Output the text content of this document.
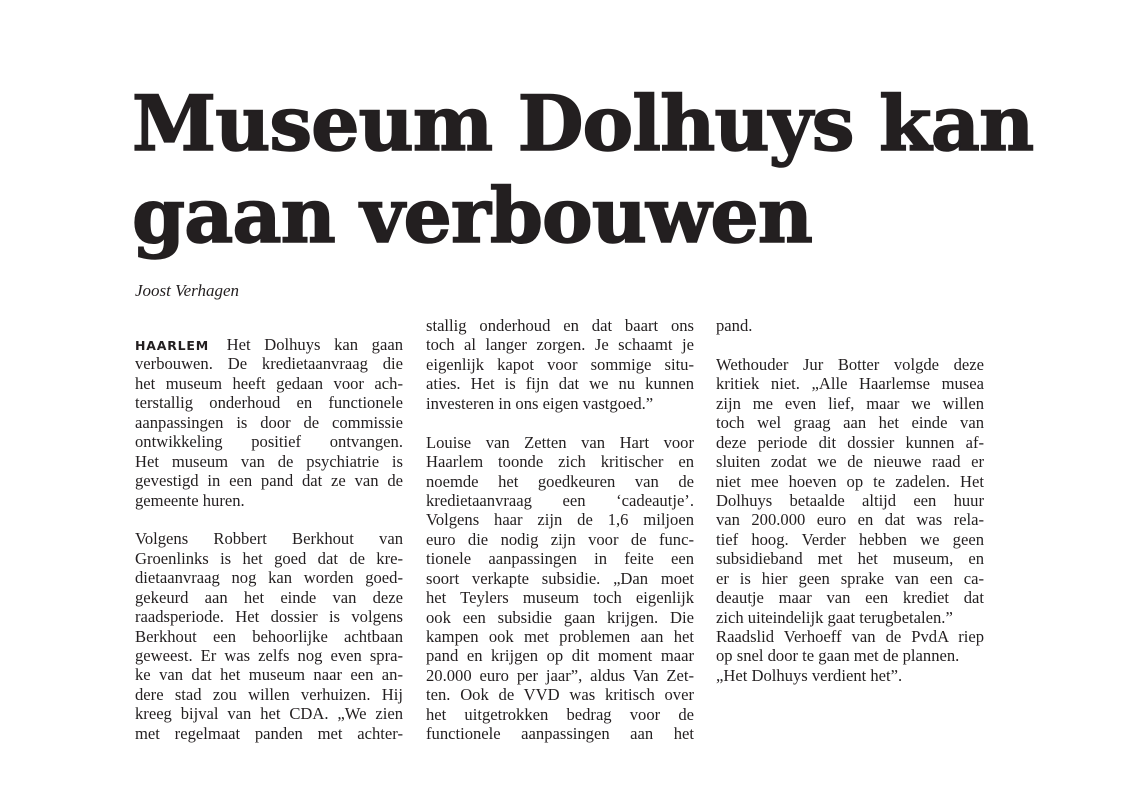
Museum Dolhuys kan
gaan verbouwen
Joost Verhagen

HAARLEM Het Dolhuys kan gaan
verbouwen. De kredietaanvraag die
het museum heeft gedaan voor ach-
terstallig onderhoud en functionele
aanpassingen is door de commissie
ontwikkeling positief ontvangen.
Het museum van de psychiatrie is
gevestigd in een pand dat ze van de
gemeente huren.

Volgens Robbert Berkhout van
Groenlinks is het goed dat de kre-
dietaanvraag nog kan worden goed-
gekeurd aan het einde van deze
raadsperiode. Het dossier is volgens
Berkhout een behoorlijke achtbaan
geweest. Er was zelfs nog even spra-
ke van dat het museum naar een an-
dere stad zou willen verhuizen. Hij
kreeg bijval van het CDA. „We zien
met regelmaat panden met achter-

stallig onderhoud en dat baart ons
toch al langer zorgen. Je schaamt je
eigenlijk kapot voor sommige situ-
aties. Het is fijn dat we nu kunnen
investeren in ons eigen vastgoed.”

Louise van Zetten van Hart voor
Haarlem toonde zich kritischer en
noemde het goedkeuren van de
kredietaanvraag een ‘cadeautje’.
Volgens haar zijn de 1,6 miljoen
euro die nodig zijn voor de func-
tionele aanpassingen in feite een
soort verkapte subsidie. „Dan moet
het Teylers museum toch eigenlijk
ook een subsidie gaan krijgen. Die
kampen ook met problemen aan het
pand en krijgen op dit moment maar
20.000 euro per jaar”, aldus Van Zet-
ten. Ook de VVD was kritisch over
het uitgetrokken bedrag voor de
functionele aanpassingen aan het

pand.

Wethouder Jur Botter volgde deze
kritiek niet. „Alle Haarlemse musea
zijn me even lief, maar we willen
toch wel graag aan het einde van
deze periode dit dossier kunnen af-
sluiten zodat we de nieuwe raad er
niet mee hoeven op te zadelen. Het
Dolhuys betaalde altijd een huur
van 200.000 euro en dat was rela-
tief hoog. Verder hebben we geen
subsidieband met het museum, en
er is hier geen sprake van een ca-
deautje maar van een krediet dat
zich uiteindelijk gaat terugbetalen.”
Raadslid Verhoeff van de PvdA riep
op snel door te gaan met de plannen.
„Het Dolhuys verdient het”.
